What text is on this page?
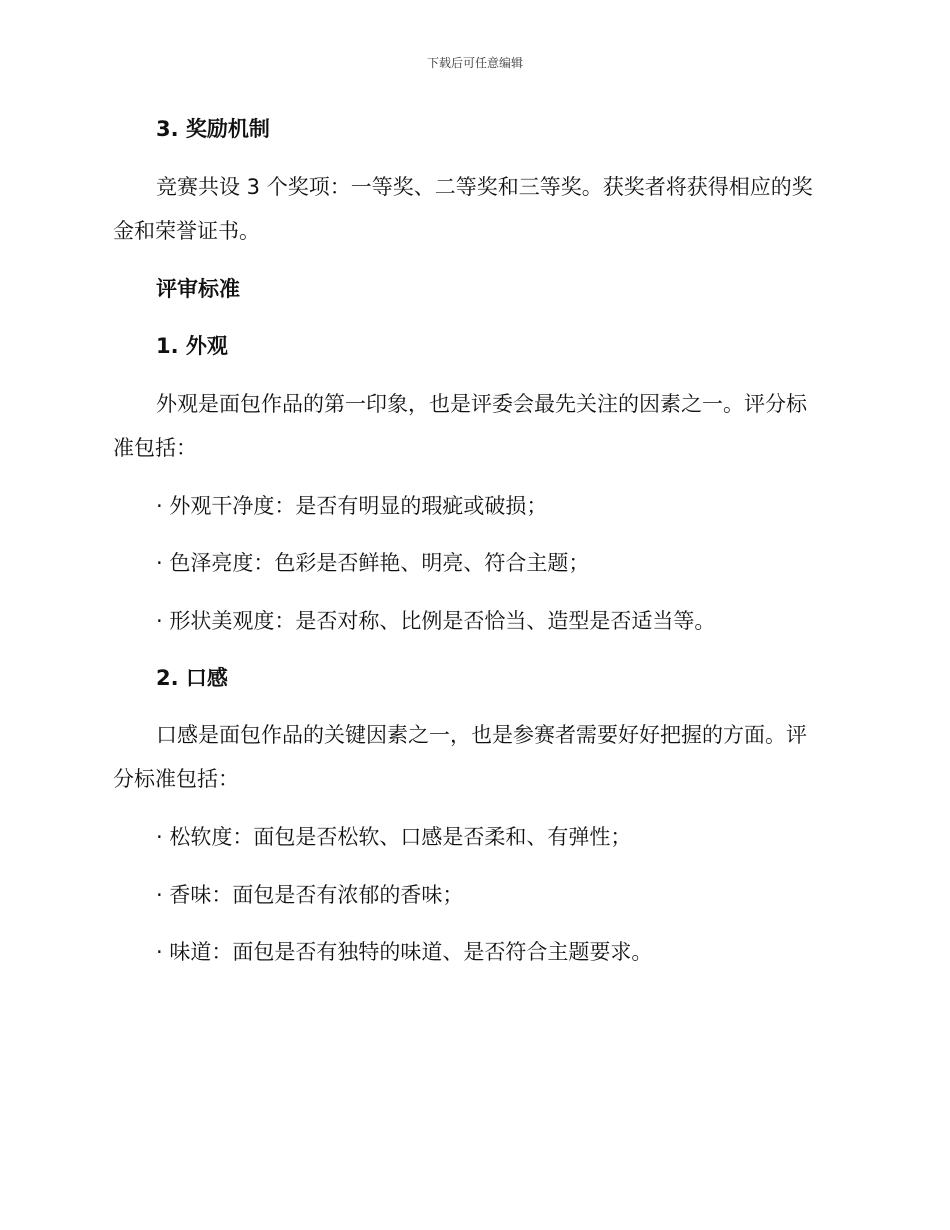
下载后可任意编辑
3. 奖励机制
竞赛共设 3 个奖项：一等奖、二等奖和三等奖。获奖者将获得相应的奖
金和荣誉证书。
评审标准
1. 外观
外观是面包作品的第一印象，也是评委会最先关注的因素之一。评分标
准包括：
· 外观干净度：是否有明显的瑕疵或破损；
· 色泽亮度：色彩是否鲜艳、明亮、符合主题；
· 形状美观度：是否对称、比例是否恰当、造型是否适当等。
2. 口感
口感是面包作品的关键因素之一，也是参赛者需要好好把握的方面。评
分标准包括：
· 松软度：面包是否松软、口感是否柔和、有弹性；
· 香味：面包是否有浓郁的香味；
· 味道：面包是否有独特的味道、是否符合主题要求。
